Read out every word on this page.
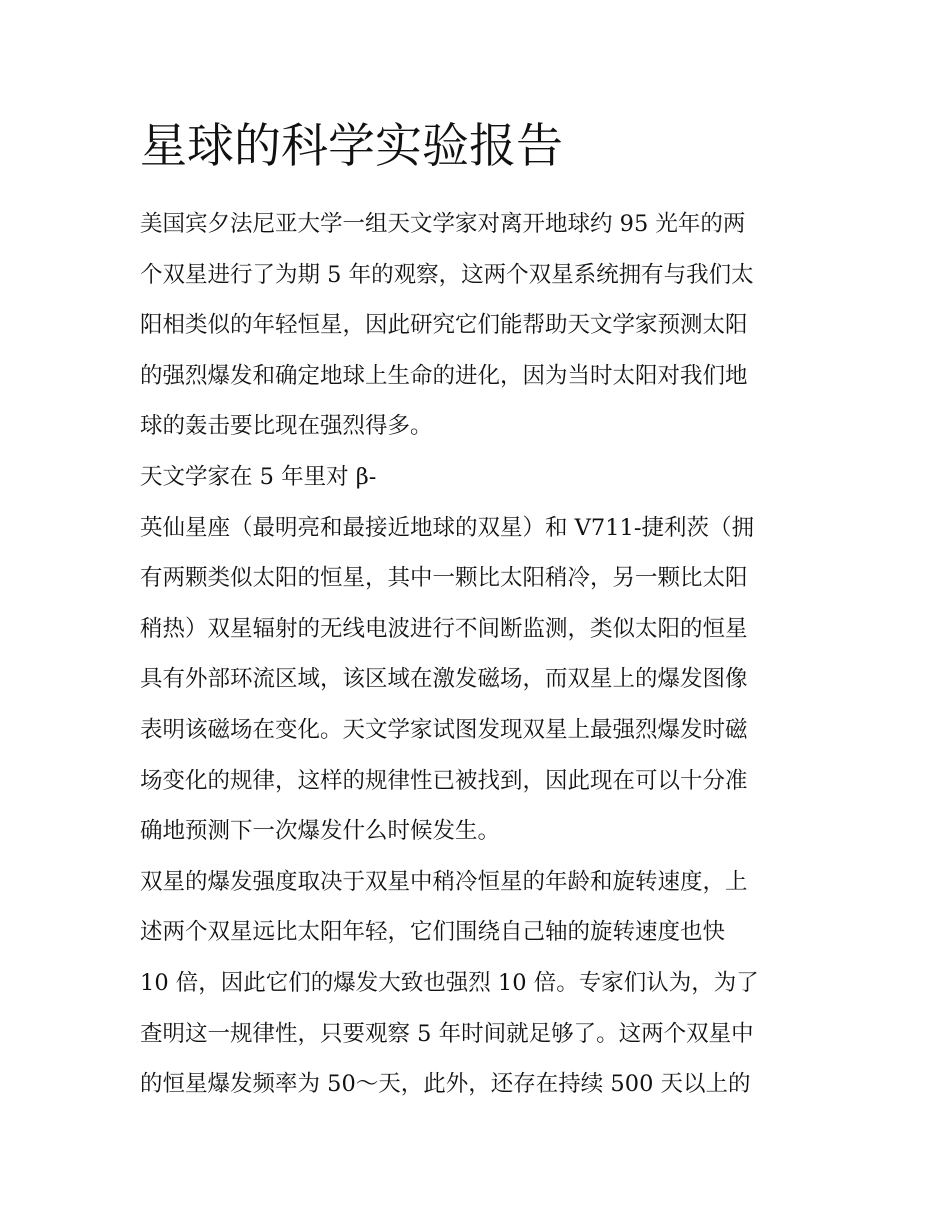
星球的科学实验报告
美国宾夕法尼亚大学一组天文学家对离开地球约 95 光年的两
个双星进行了为期 5 年的观察，这两个双星系统拥有与我们太
阳相类似的年轻恒星，因此研究它们能帮助天文学家预测太阳
的强烈爆发和确定地球上生命的进化，因为当时太阳对我们地
球的轰击要比现在强烈得多。
天文学家在 5 年里对 β-
英仙星座（最明亮和最接近地球的双星）和 V711-捷利茨（拥
有两颗类似太阳的恒星，其中一颗比太阳稍冷，另一颗比太阳
稍热）双星辐射的无线电波进行不间断监测，类似太阳的恒星
具有外部环流区域，该区域在激发磁场，而双星上的爆发图像
表明该磁场在变化。天文学家试图发现双星上最强烈爆发时磁
场变化的规律，这样的规律性已被找到，因此现在可以十分准
确地预测下一次爆发什么时候发生。
双星的爆发强度取决于双星中稍冷恒星的年龄和旋转速度，上
述两个双星远比太阳年轻，它们围绕自己轴的旋转速度也快
10 倍，因此它们的爆发大致也强烈 10 倍。专家们认为，为了
查明这一规律性，只要观察 5 年时间就足够了。这两个双星中
的恒星爆发频率为 50～天，此外，还存在持续 500 天以上的
